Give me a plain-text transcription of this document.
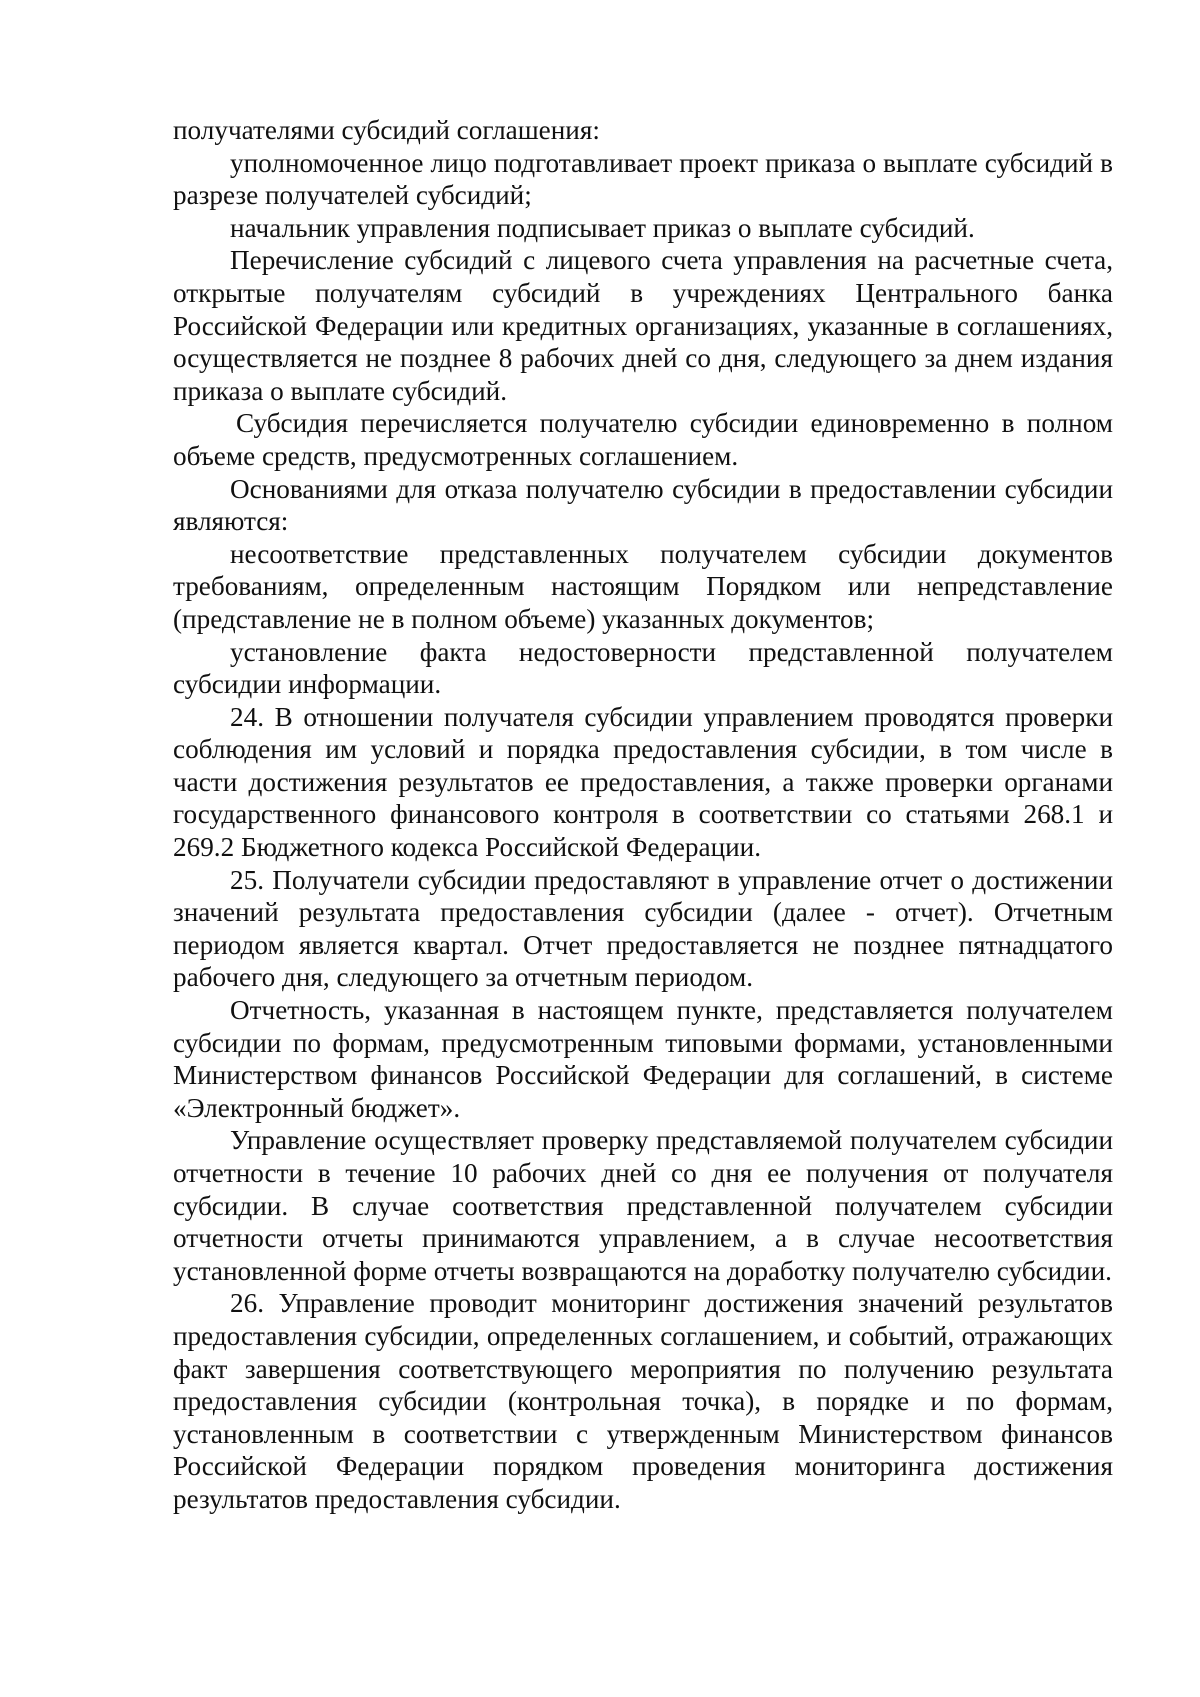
получателями субсидий соглашения:

уполномоченное лицо подготавливает проект приказа о выплате субсидий в разрезе получателей субсидий;

начальник управления подписывает приказ о выплате субсидий.

Перечисление субсидий с лицевого счета управления на расчетные счета, открытые получателям субсидий в учреждениях Центрального банка Российской Федерации или кредитных организациях, указанные в соглашениях, осуществляется не позднее 8 рабочих дней со дня, следующего за днем издания приказа о выплате субсидий.

Субсидия перечисляется получателю субсидии единовременно в полном объеме средств, предусмотренных соглашением.

Основаниями для отказа получателю субсидии в предоставлении субсидии являются:

несоответствие представленных получателем субсидии документов требованиям, определенным настоящим Порядком или непредставление (представление не в полном объеме) указанных документов;

установление факта недостоверности представленной получателем субсидии информации.

24. В отношении получателя субсидии управлением проводятся проверки соблюдения им условий и порядка предоставления субсидии, в том числе в части достижения результатов ее предоставления, а также проверки органами государственного финансового контроля в соответствии со статьями 268.1 и 269.2 Бюджетного кодекса Российской Федерации.

25. Получатели субсидии предоставляют в управление отчет о достижении значений результата предоставления субсидии (далее - отчет). Отчетным периодом является квартал. Отчет предоставляется не позднее пятнадцатого рабочего дня, следующего за отчетным периодом.

Отчетность, указанная в настоящем пункте, представляется получателем субсидии по формам, предусмотренным типовыми формами, установленными Министерством финансов Российской Федерации для соглашений, в системе «Электронный бюджет».

Управление осуществляет проверку представляемой получателем субсидии отчетности в течение 10 рабочих дней со дня ее получения от получателя субсидии. В случае соответствия представленной получателем субсидии отчетности отчеты принимаются управлением, а в случае несоответствия установленной форме отчеты возвращаются на доработку получателю субсидии.

26. Управление проводит мониторинг достижения значений результатов предоставления субсидии, определенных соглашением, и событий, отражающих факт завершения соответствующего мероприятия по получению результата предоставления субсидии (контрольная точка), в порядке и по формам, установленным в соответствии с утвержденным Министерством финансов Российской Федерации порядком проведения мониторинга достижения результатов предоставления субсидии.
